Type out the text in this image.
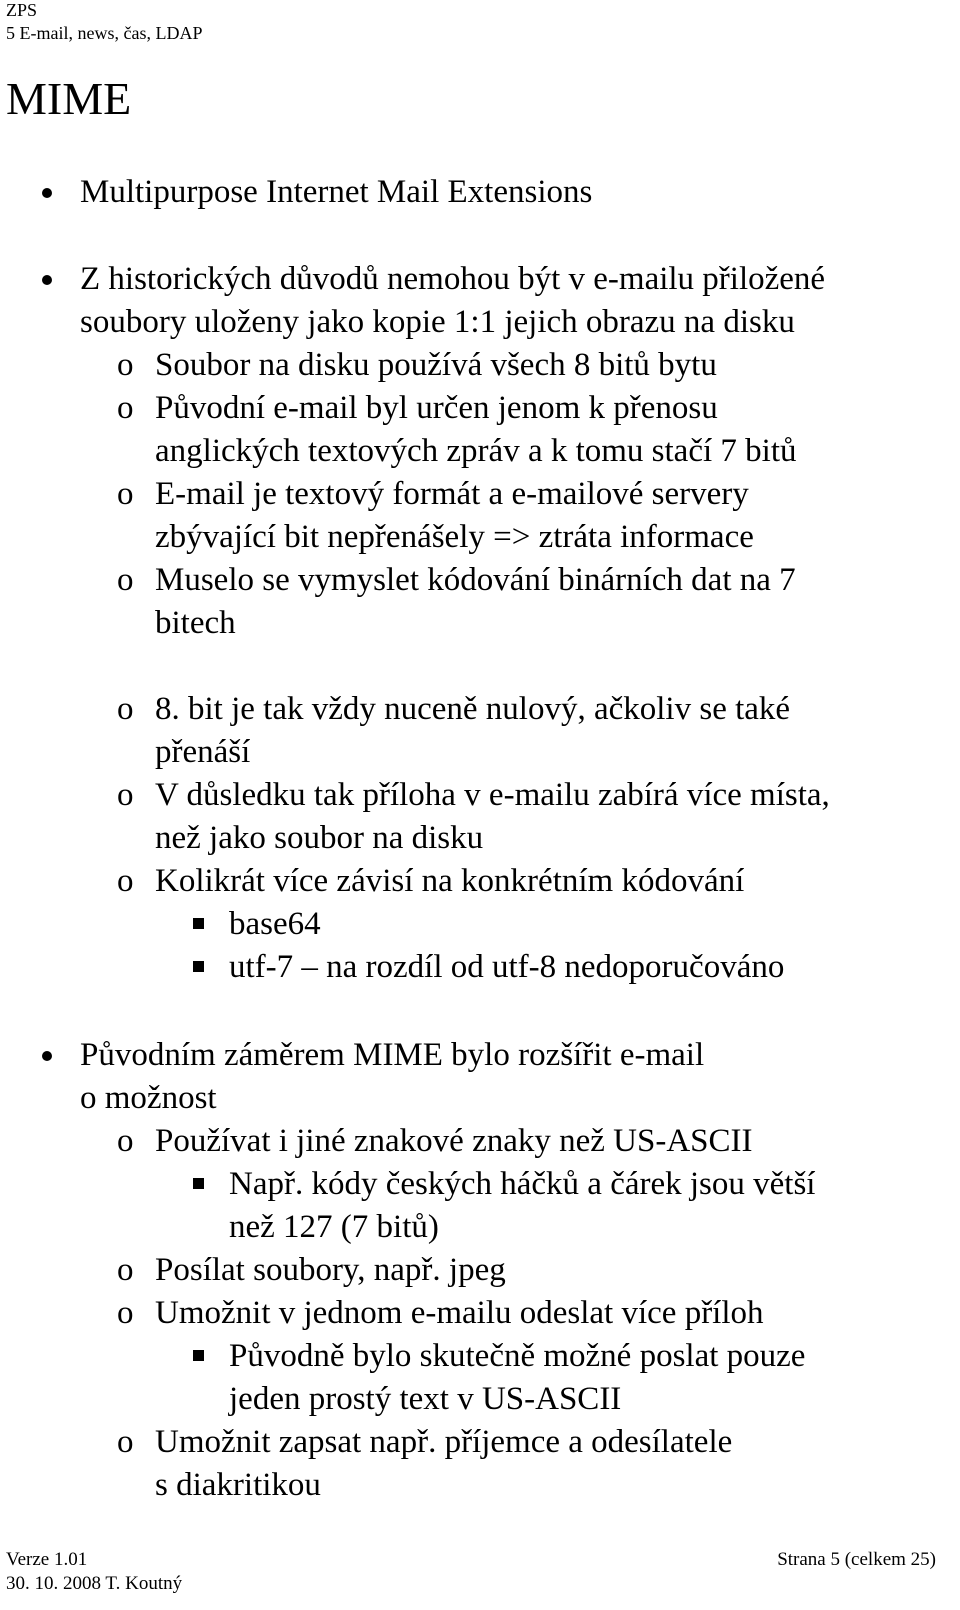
ZPS
5 E-mail, news, čas, LDAP
MIME
Multipurpose Internet Mail Extensions
Z historických důvodů nemohou být v e-mailu přiložené
soubory uloženy jako kopie 1:1 jejich obrazu na disku
o Soubor na disku používá všech 8 bitů bytu
o Původní e-mail byl určen jenom k přenosu
anglických textových zpráv a k tomu stačí 7 bitů
o E-mail je textový formát a e-mailové servery
zbývající bit nepřenášely => ztráta informace
o Muselo se vymyslet kódování binárních dat na 7
bitech
o 8. bit je tak vždy nuceně nulový, ačkoliv se také
přenáší
o V důsledku tak příloha v e-mailu zabírá více místa,
než jako soubor na disku
o Kolikrát více závisí na konkrétním kódování
base64
utf-7 – na rozdíl od utf-8 nedoporučováno
Původním záměrem MIME bylo rozšířit e-mail
o možnost
o Používat i jiné znakové znaky než US-ASCII
Např. kódy českých háčků a čárek jsou větší
než 127 (7 bitů)
o Posílat soubory, např. jpeg
o Umožnit v jednom e-mailu odeslat více příloh
Původně bylo skutečně možné poslat pouze
jeden prostý text v US-ASCII
o Umožnit zapsat např. příjemce a odesílatele
s diakritikou
Verze 1.01
30. 10. 2008 T. Koutný
Strana 5 (celkem 25)
